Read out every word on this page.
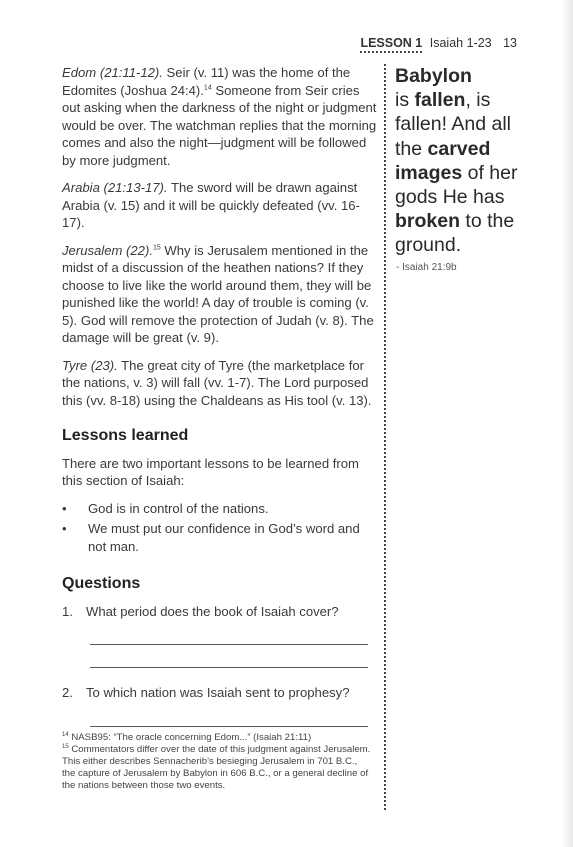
LESSON 1 Isaiah 1-23 13

Edom (21:11-12). Seir (v. 11) was the home of the Edomites (Joshua 24:4).$^{14}$ Someone from Seir cries out asking when the darkness of the night or judgment would be over. The watchman replies that the morning comes and also the night—judgment will be followed by more judgment.

Arabia (21:13-17). The sword will be drawn against Arabia (v. 15) and it will be quickly defeated (vv. 16-17).

Jerusalem (22).$^{15}$ Why is Jerusalem mentioned in the midst of a discussion of the heathen nations? If they choose to live like the world around them, they will be punished like the world! A day of trouble is coming (v. 5). God will remove the protection of Judah (v. 8). The damage will be great (v. 9).

Tyre (23). The great city of Tyre (the marketplace for the nations, v. 3) will fall (vv. 1-7). The Lord purposed this (vv. 8-18) using the Chaldeans as His tool (v. 13).

Lessons learned

There are two important lessons to be learned from this section of Isaiah:

• God is in control of the nations.
• We must put our confidence in God’s word and not man.
Questions
1. What period does the book of Isaiah cover?
2. To which nation was Isaiah sent to prophesy?

$^{14}$ NASB95: “The oracle concerning Edom...” (Isaiah 21:11)

$^{15}$ Commentators differ over the date of this judgment against Jerusalem. This either describes Sennacherib’s besieging Jerusalem in 701 B.C., the capture of Jerusalem by Babylon in 606 B.C., or a general decline of the nations between those two events.

Babylon
is fallen, is fallen! And all the carved images of her gods He has broken to the ground.
- Isaiah 21:9b
